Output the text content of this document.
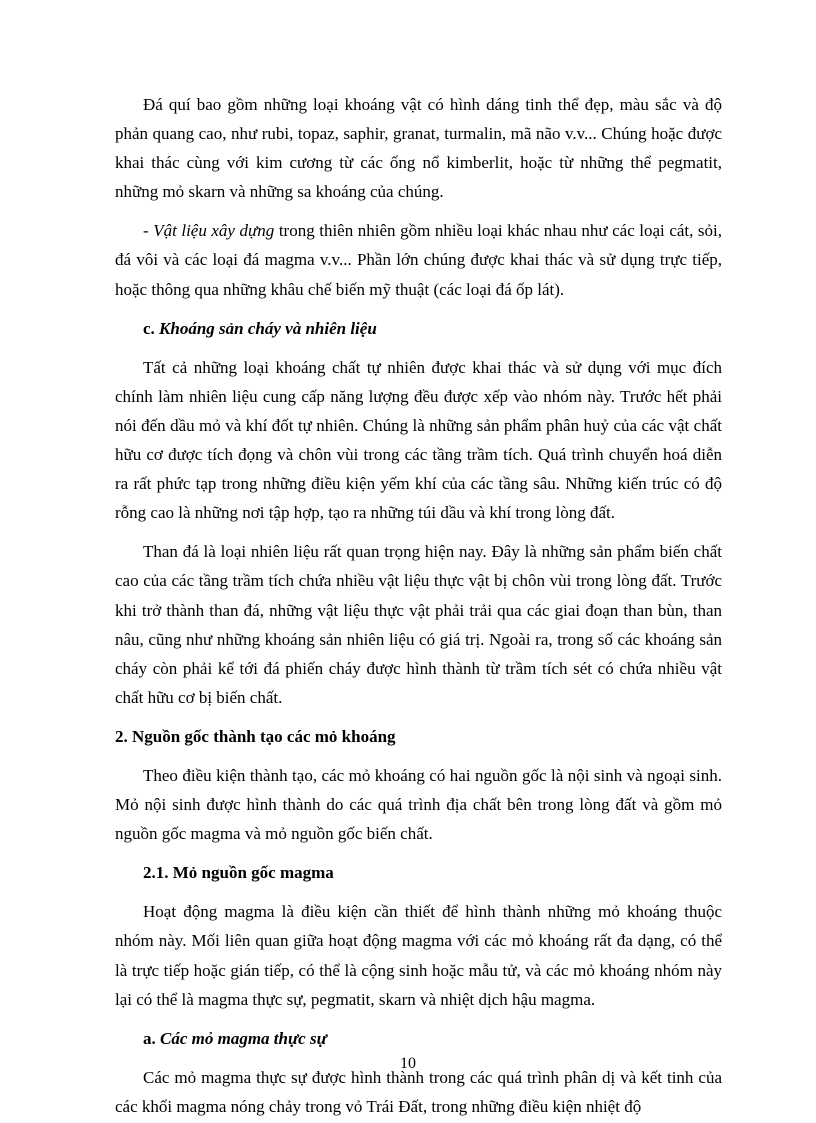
Đá quí bao gồm những loại khoáng vật có hình dáng tinh thể đẹp, màu sắc và độ phản quang cao, như rubi, topaz, saphir, granat, turmalin, mã não v.v... Chúng hoặc được khai thác cùng với kim cương từ các ống nổ kimberlit, hoặc từ những thể pegmatit, những mỏ skarn và những sa khoáng của chúng.

- Vật liệu xây dựng trong thiên nhiên gồm nhiều loại khác nhau như các loại cát, sỏi, đá vôi và các loại đá magma v.v... Phần lớn chúng được khai thác và sử dụng trực tiếp, hoặc thông qua những khâu chế biến mỹ thuật (các loại đá ốp lát).

c. Khoáng sản cháy và nhiên liệu

Tất cả những loại khoáng chất tự nhiên được khai thác và sử dụng với mục đích chính làm nhiên liệu cung cấp năng lượng đều được xếp vào nhóm này. Trước hết phải nói đến dầu mỏ và khí đốt tự nhiên. Chúng là những sản phẩm phân huỷ của các vật chất hữu cơ được tích đọng và chôn vùi trong các tầng trầm tích. Quá trình chuyển hoá diễn ra rất phức tạp trong những điều kiện yếm khí của các tầng sâu. Những kiến trúc có độ rỗng cao là những nơi tập hợp, tạo ra những túi dầu và khí trong lòng đất.

Than đá là loại nhiên liệu rất quan trọng hiện nay. Đây là những sản phẩm biến chất cao của các tầng trầm tích chứa nhiều vật liệu thực vật bị chôn vùi trong lòng đất. Trước khi trở thành than đá, những vật liệu thực vật phải trải qua các giai đoạn than bùn, than nâu, cũng như những khoáng sản nhiên liệu có giá trị. Ngoài ra, trong số các khoáng sản cháy còn phải kể tới đá phiến cháy được hình thành từ trầm tích sét có chứa nhiều vật chất hữu cơ bị biến chất.

2. Nguồn gốc thành tạo các mỏ khoáng

Theo điều kiện thành tạo, các mỏ khoáng có hai nguồn gốc là nội sinh và ngoại sinh. Mỏ nội sinh được hình thành do các quá trình địa chất bên trong lòng đất và gồm mỏ nguồn gốc magma và mỏ nguồn gốc biến chất.

2.1. Mỏ nguồn gốc magma

Hoạt động magma là điều kiện cần thiết để hình thành những mỏ khoáng thuộc nhóm này. Mối liên quan giữa hoạt động magma với các mỏ khoáng rất đa dạng, có thể là trực tiếp hoặc gián tiếp, có thể là cộng sinh hoặc mẫu tử, và các mỏ khoáng nhóm này lại có thể là magma thực sự, pegmatit, skarn và nhiệt dịch hậu magma.

a. Các mỏ magma thực sự

Các mỏ magma thực sự được hình thành trong các quá trình phân dị và kết tinh của các khối magma nóng chảy trong vỏ Trái Đất, trong những điều kiện nhiệt độ

10
